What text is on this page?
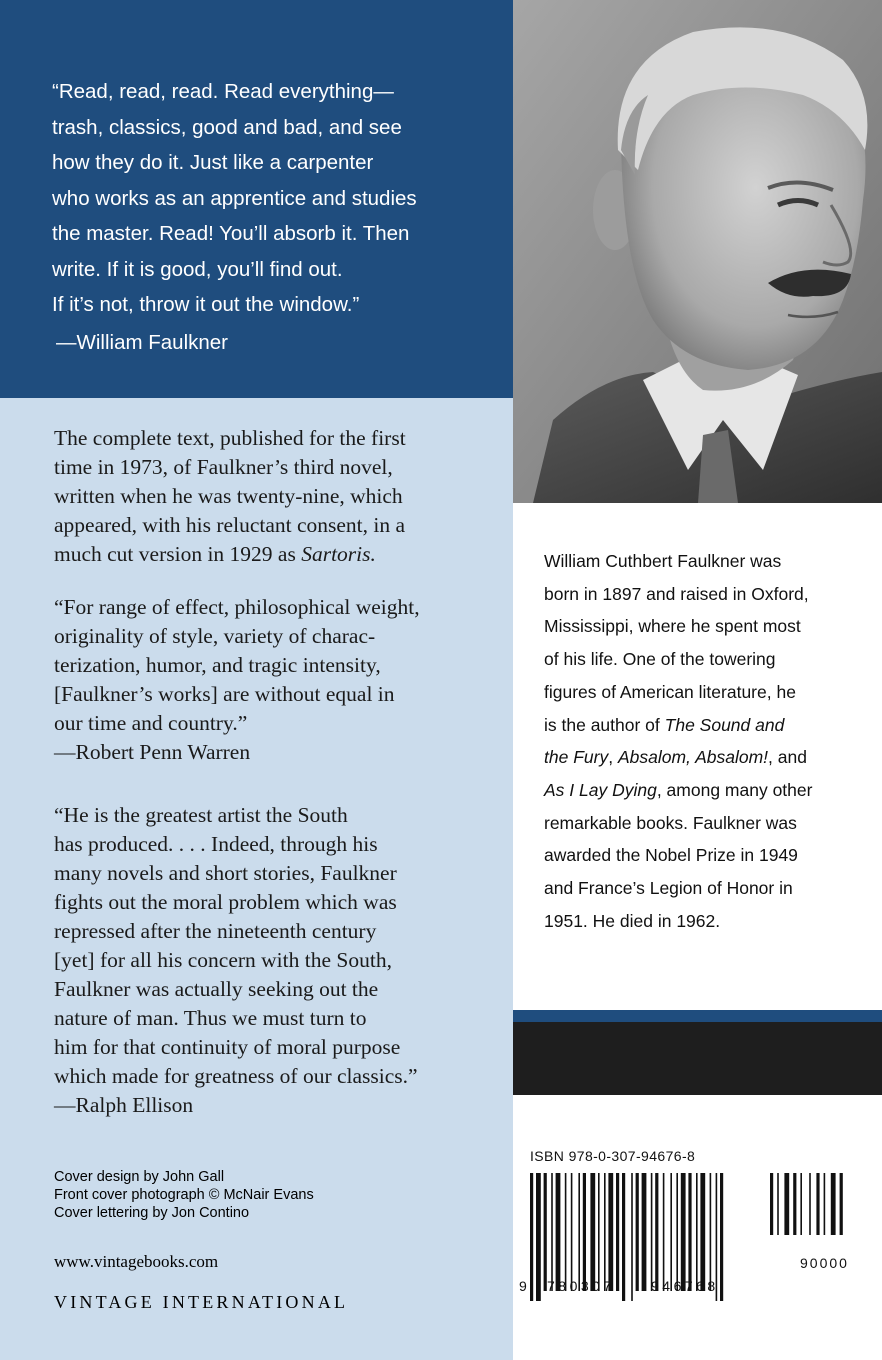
“Read, read, read. Read everything—
trash, classics, good and bad, and see
how they do it. Just like a carpenter
who works as an apprentice and studies
the master. Read! You’ll absorb it. Then
write. If it is good, you’ll find out.
If it’s not, throw it out the window.”
—William Faulkner
The complete text, published for the first
time in 1973, of Faulkner’s third novel,
written when he was twenty-nine, which
appeared, with his reluctant consent, in a
much cut version in 1929 as Sartoris.
“For range of effect, philosophical weight,
originality of style, variety of charac-
terization, humor, and tragic intensity,
[Faulkner’s works] are without equal in
our time and country.”
—Robert Penn Warren
“He is the greatest artist the South
has produced. . . . Indeed, through his
many novels and short stories, Faulkner
fights out the moral problem which was
repressed after the nineteenth century
[yet] for all his concern with the South,
Faulkner was actually seeking out the
nature of man. Thus we must turn to
him for that continuity of moral purpose
which made for greatness of our classics.”
—Ralph Ellison
Cover design by John Gall
Front cover photograph © McNair Evans
Cover lettering by Jon Contino
www.vintagebooks.com
VINTAGE INTERNATIONAL
William Cuthbert Faulkner was
born in 1897 and raised in Oxford,
Mississippi, where he spent most
of his life. One of the towering
figures of American literature, he
is the author of The Sound and
the Fury, Absalom, Absalom!, and
As I Lay Dying, among many other
remarkable books. Faulkner was
awarded the Nobel Prize in 1949
and France’s Legion of Honor in
1951. He died in 1962.
ISBN 978-0-307-94676-8
9 780307	946768
90000
